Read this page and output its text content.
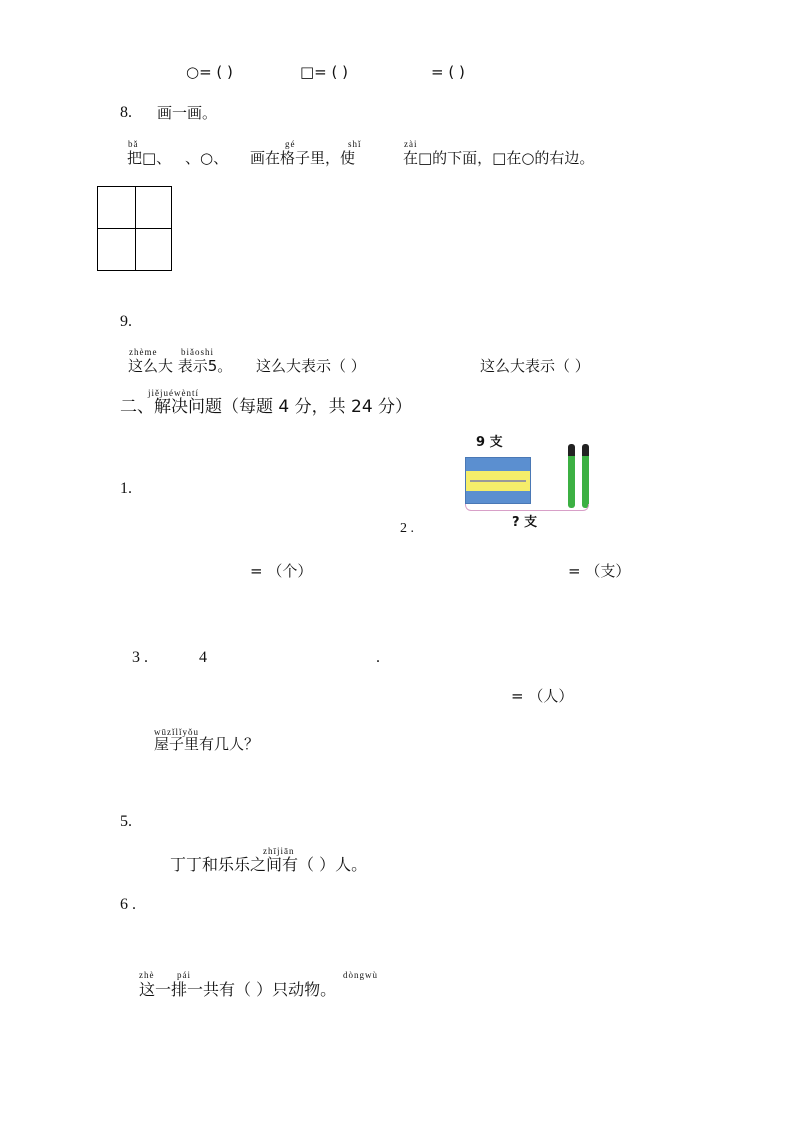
○= ( )	□= ( )	= ( )
8. 画一画。
bǎ	gé	shǐ	zài
把□、 、○、 画在格子里，使	在□的下面，□在○的右边。
9.
zhème	biǎoshi
这么大 表示5。 这么大表示（ ）	这么大表示（ ）
jiějuéwèntí
二、解决问题（每题 4 分，共 24 分）
1.
2 .
9 支
? 支
= （个）	= （支）
3 .	4	.
= （人）
wūzǐlǐyǒu
屋子里有几人？
5.
zhījiān
丁丁和乐乐之间有（ ）人。
6 .
zhè	pái	dòngwù
这一排一共有（ ）只动物。
